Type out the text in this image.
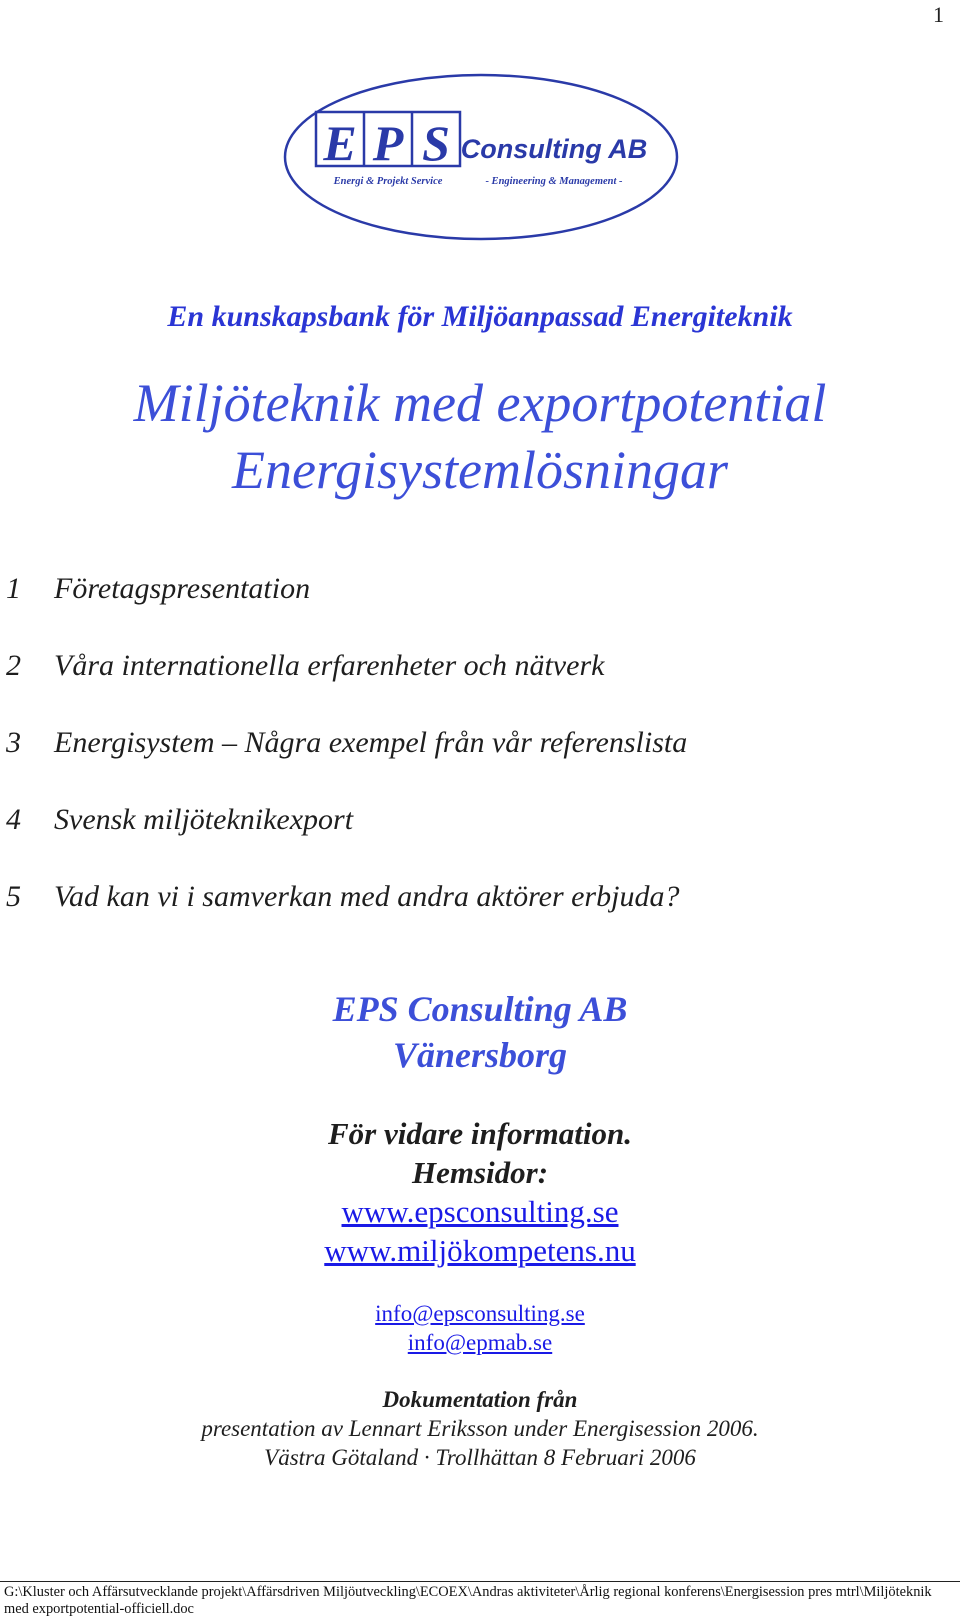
1
E P S Consulting AB
Energi & Projekt Service	- Engineering & Management -
En kunskapsbank för Miljöanpassad Energiteknik
Miljöteknik med exportpotential
Energisystemlösningar
1 Företagspresentation
2 Våra internationella erfarenheter och nätverk
3 Energisystem – Några exempel från vår referenslista
4 Svensk miljöteknikexport
5 Vad kan vi i samverkan med andra aktörer erbjuda?
EPS Consulting AB
Vänersborg
För vidare information.
Hemsidor:
www.epsconsulting.se
www.miljökompetens.nu
info@epsconsulting.se
info@epmab.se
Dokumentation från
presentation av Lennart Eriksson under Energisession 2006.
Västra Götaland · Trollhättan 8 Februari 2006
G:\Kluster och Affärsutvecklande projekt\Affärsdriven Miljöutveckling\ECOEX\Andras aktiviteter\Årlig regional konferens\Energisession pres mtrl\Miljöteknik
med exportpotential-officiell.doc
